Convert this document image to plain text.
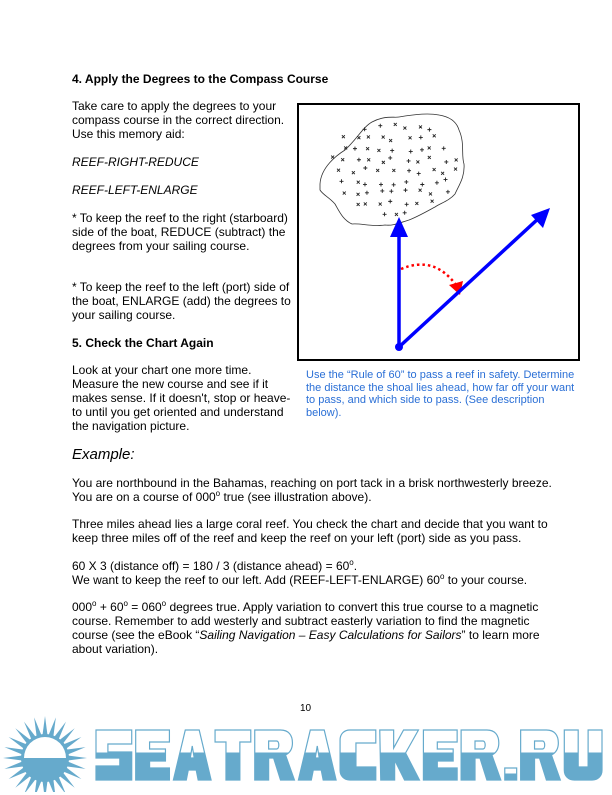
4. Apply the Degrees to the Compass Course

Take care to apply the degrees to your compass course in the correct direction. Use this memory aid:

REEF-RIGHT-REDUCE

REEF-LEFT-ENLARGE

* To keep the reef to the right (starboard) side of the boat, REDUCE (subtract) the degrees from your sailing course.

* To keep the reef to the left (port) side of the boat, ENLARGE (add) the degrees to your sailing course.

5. Check the Chart Again

Look at your chart one more time. Measure the new course and see if it makes sense. If it doesn't, stop or heave-to until you get oriented and understand the navigation picture.

Use the “Rule of 60” to pass a reef in safety. Determine the distance the shoal lies ahead, how far off your want to pass, and which side to pass. (See description below).

Example:

You are northbound in the Bahamas, reaching on port tack in a brisk northwesterly breeze. You are on a course of 000$^o$ true (see illustration above).

Three miles ahead lies a large coral reef. You check the chart and decide that you want to keep three miles off of the reef and keep the reef on your left (port) side as you pass.

60 X 3 (distance off) = 180 / 3 (distance ahead) = $60^o$.
We want to keep the reef to our left. Add (REEF-LEFT-ENLARGE) 60$^o$ to your course.

$000^o + 60^o = 060^o$ degrees true. Apply variation to convert this true course to a magnetic course. Remember to add westerly and subtract easterly variation to find the magnetic course (see the eBook “Sailing Navigation – Easy Calculations for Sailors” to learn more about variation).

10
